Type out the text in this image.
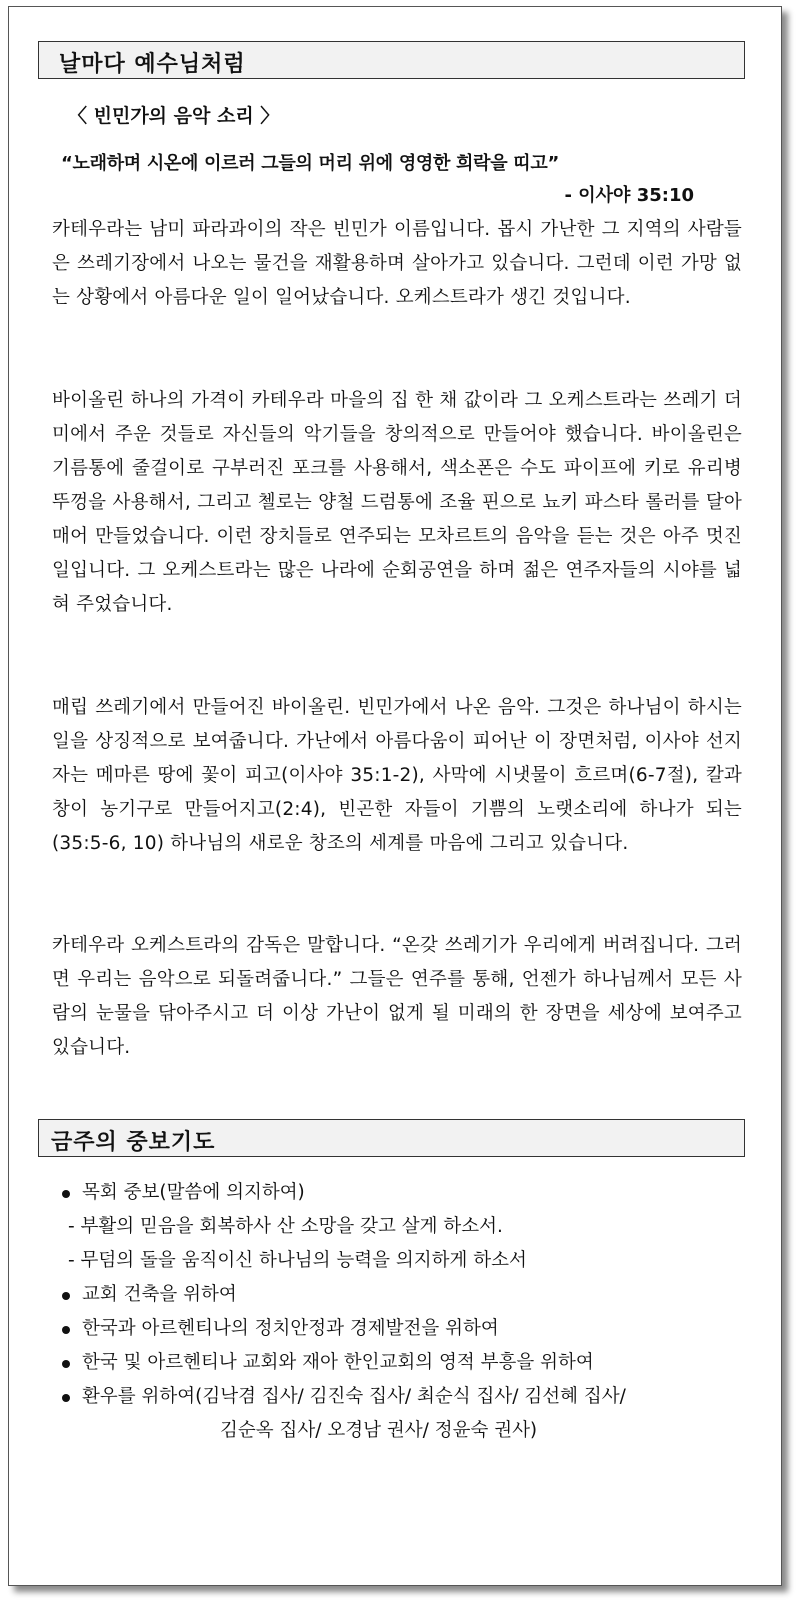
날마다 예수님처럼
〈 빈민가의 음악 소리 〉
“노래하며 시온에 이르러 그들의 머리 위에 영영한 희락을 띠고”
- 이사야 35:10

카테우라는 남미 파라과이의 작은 빈민가 이름입니다. 몹시 가난한 그 지역의 사람들은 쓰레기장에서 나오는 물건을 재활용하며 살아가고 있습니다. 그런데 이런 가망 없는 상황에서 아름다운 일이 일어났습니다. 오케스트라가 생긴 것입니다.

바이올린 하나의 가격이 카테우라 마을의 집 한 채 값이라 그 오케스트라는 쓰레기 더미에서 주운 것들로 자신들의 악기들을 창의적으로 만들어야 했습니다. 바이올린은 기름통에 줄걸이로 구부러진 포크를 사용해서, 색소폰은 수도 파이프에 키로 유리병 뚜껑을 사용해서, 그리고 첼로는 양철 드럼통에 조율 핀으로 뇨키 파스타 롤러를 달아매어 만들었습니다. 이런 장치들로 연주되는 모차르트의 음악을 듣는 것은 아주 멋진 일입니다. 그 오케스트라는 많은 나라에 순회공연을 하며 젊은 연주자들의 시야를 넓혀 주었습니다.

매립 쓰레기에서 만들어진 바이올린. 빈민가에서 나온 음악. 그것은 하나님이 하시는 일을 상징적으로 보여줍니다. 가난에서 아름다움이 피어난 이 장면처럼, 이사야 선지자는 메마른 땅에 꽃이 피고(이사야 35:1-2), 사막에 시냇물이 흐르며(6-7절), 칼과 창이 농기구로 만들어지고(2:4), 빈곤한 자들이 기쁨의 노랫소리에 하나가 되는(35:5-6, 10) 하나님의 새로운 창조의 세계를 마음에 그리고 있습니다.

카테우라 오케스트라의 감독은 말합니다. “온갖 쓰레기가 우리에게 버려집니다. 그러면 우리는 음악으로 되돌려줍니다.” 그들은 연주를 통해, 언젠가 하나님께서 모든 사람의 눈물을 닦아주시고 더 이상 가난이 없게 될 미래의 한 장면을 세상에 보여주고 있습니다.

금주의 중보기도
목회 중보(말씀에 의지하여)
- 부활의 믿음을 회복하사 산 소망을 갖고 살게 하소서.
- 무덤의 돌을 움직이신 하나님의 능력을 의지하게 하소서
교회 건축을 위하여
한국과 아르헨티나의 정치안정과 경제발전을 위하여
한국 및 아르헨티나 교회와 재아 한인교회의 영적 부흥을 위하여
환우를 위하여(김낙겸 집사/ 김진숙 집사/ 최순식 집사/ 김선혜 집사/
김순옥 집사/ 오경남 권사/ 정윤숙 권사)
